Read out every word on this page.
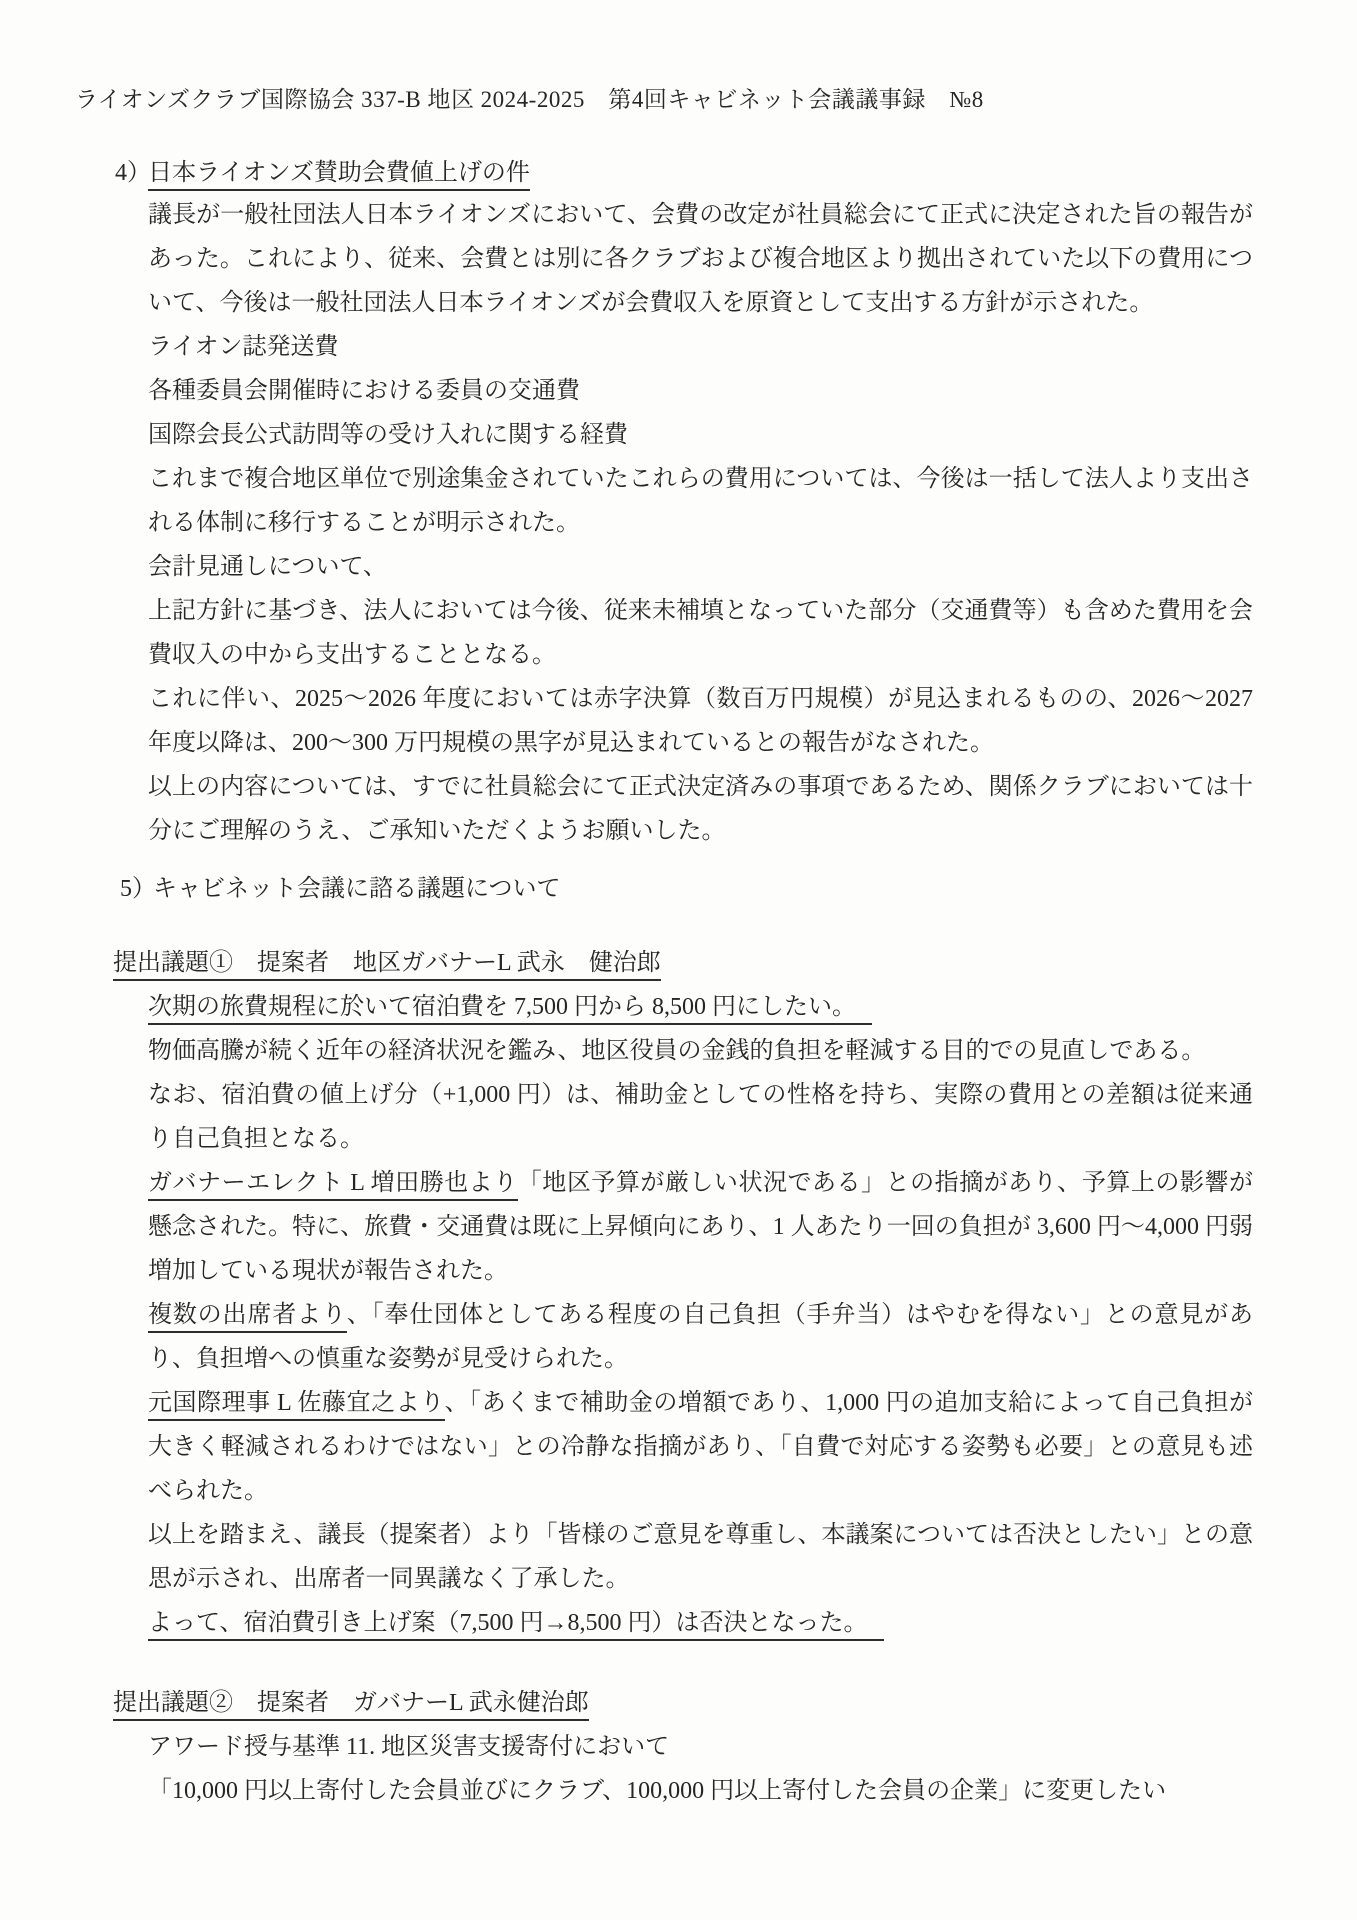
ライオンズクラブ国際協会 337-B 地区 2024-2025　第4回キャビネット会議議事録　№8
4）日本ライオンズ賛助会費値上げの件

議長が一般社団法人日本ライオンズにおいて、会費の改定が社員総会にて正式に決定された旨の報告があった。これにより、従来、会費とは別に各クラブおよび複合地区より拠出されていた以下の費用について、今後は一般社団法人日本ライオンズが会費収入を原資として支出する方針が示された。

ライオン誌発送費

各種委員会開催時における委員の交通費

国際会長公式訪問等の受け入れに関する経費

これまで複合地区単位で別途集金されていたこれらの費用については、今後は一括して法人より支出される体制に移行することが明示された。

会計見通しについて、

上記方針に基づき、法人においては今後、従来未補填となっていた部分（交通費等）も含めた費用を会費収入の中から支出することとなる。

これに伴い、2025～2026 年度においては赤字決算（数百万円規模）が見込まれるものの、2026～2027 年度以降は、200～300 万円規模の黒字が見込まれているとの報告がなされた。

以上の内容については、すでに社員総会にて正式決定済みの事項であるため、関係クラブにおいては十分にご理解のうえ、ご承知いただくようお願いした。

5）キャビネット会議に諮る議題について
提出議題①　提案者　地区ガバナーL 武永　健治郎

次期の旅費規程に於いて宿泊費を 7,500 円から 8,500 円にしたい。

物価高騰が続く近年の経済状況を鑑み、地区役員の金銭的負担を軽減する目的での見直しである。

なお、宿泊費の値上げ分（+1,000 円）は、補助金としての性格を持ち、実際の費用との差額は従来通り自己負担となる。

ガバナーエレクト L 増田勝也より「地区予算が厳しい状況である」との指摘があり、予算上の影響が懸念された。特に、旅費・交通費は既に上昇傾向にあり、1 人あたり一回の負担が 3,600 円～4,000 円弱増加している現状が報告された。

複数の出席者より、「奉仕団体としてある程度の自己負担（手弁当）はやむを得ない」との意見があり、負担増への慎重な姿勢が見受けられた。

元国際理事 L 佐藤宜之より、「あくまで補助金の増額であり、1,000 円の追加支給によって自己負担が大きく軽減されるわけではない」との冷静な指摘があり、「自費で対応する姿勢も必要」との意見も述べられた。

以上を踏まえ、議長（提案者）より「皆様のご意見を尊重し、本議案については否決としたい」との意思が示され、出席者一同異議なく了承した。

よって、宿泊費引き上げ案（7,500 円→8,500 円）は否決となった。

提出議題②　提案者　ガバナーL 武永健治郎

アワード授与基準 11. 地区災害支援寄付において

「10,000 円以上寄付した会員並びにクラブ、100,000 円以上寄付した会員の企業」に変更したい
